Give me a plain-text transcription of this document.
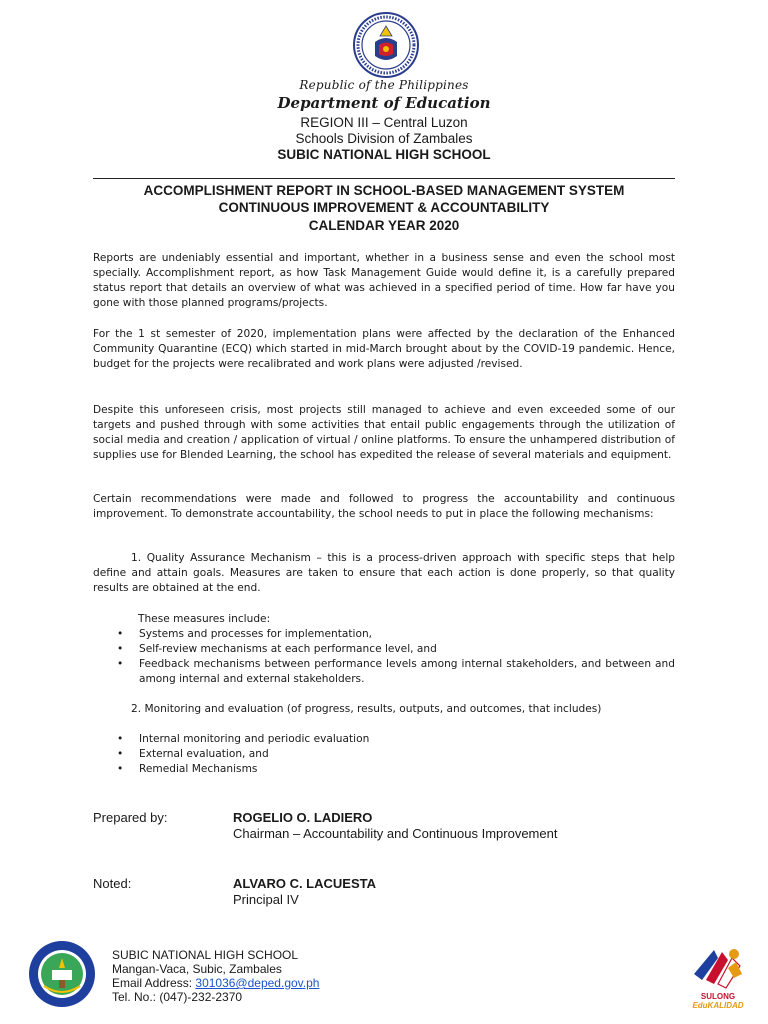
Republic of the Philippines
Department of Education
REGION III – Central Luzon
Schools Division of Zambales
SUBIC NATIONAL HIGH SCHOOL
ACCOMPLISHMENT REPORT IN SCHOOL-BASED MANAGEMENT SYSTEM
CONTINUOUS IMPROVEMENT & ACCOUNTABILITY
CALENDAR YEAR 2020

Reports are undeniably essential and important, whether in a business sense and even the school most specially. Accomplishment report, as how Task Management Guide would define it, is a carefully prepared status report that details an overview of what was achieved in a specified period of time. How far have you gone with those planned programs/projects.

For the 1 st semester of 2020, implementation plans were affected by the declaration of the Enhanced Community Quarantine (ECQ) which started in mid-March brought about by the COVID-19 pandemic. Hence, budget for the projects were recalibrated and work plans were adjusted /revised.

Despite this unforeseen crisis, most projects still managed to achieve and even exceeded some of our targets and pushed through with some activities that entail public engagements through the utilization of social media and creation / application of virtual / online platforms. To ensure the unhampered distribution of supplies use for Blended Learning, the school has expedited the release of several materials and equipment.

Certain recommendations were made and followed to progress the accountability and continuous improvement. To demonstrate accountability, the school needs to put in place the following mechanisms:

1. Quality Assurance Mechanism – this is a process-driven approach with specific steps that help define and attain goals. Measures are taken to ensure that each action is done properly, so that quality results are obtained at the end.

These measures include:
• Systems and processes for implementation,
• Self-review mechanisms at each performance level, and
• Feedback mechanisms between performance levels among internal stakeholders, and between and among internal and external stakeholders.

2. Monitoring and evaluation (of progress, results, outputs, and outcomes, that includes)

• Internal monitoring and periodic evaluation
• External evaluation, and
• Remedial Mechanisms
Prepared by:	ROGELIO O. LADIERO
Chairman – Accountability and Continuous Improvement
Noted:	ALVARO C. LACUESTA
Principal IV
SUBIC NATIONAL HIGH SCHOOL
Mangan-Vaca, Subic, Zambales
Email Address: 301036@deped.gov.ph
Tel. No.: (047)-232-2370	SULONG
EduKALIDAD
